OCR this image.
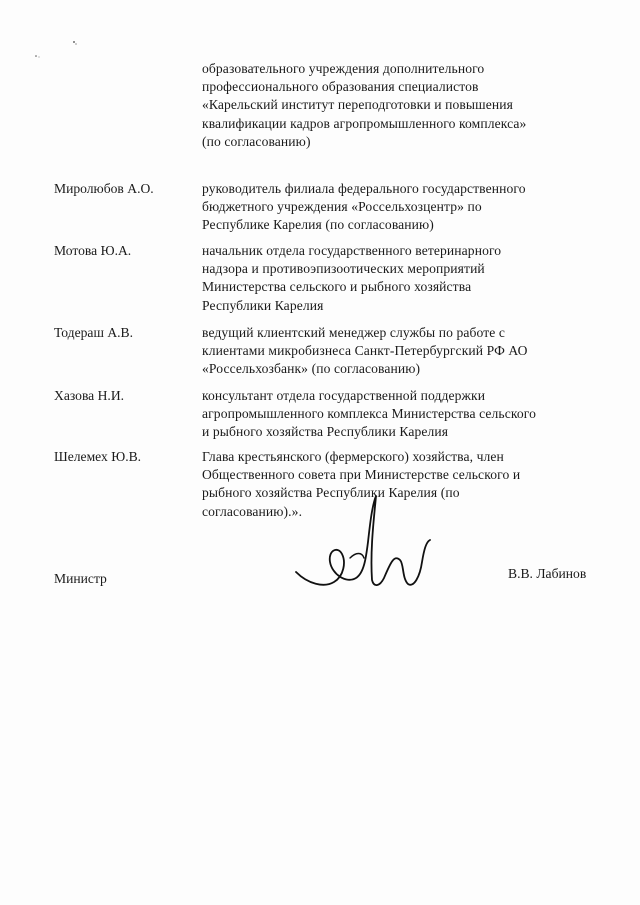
образовательного учреждения дополнительного

профессионального образования специалистов

«Карельский институт переподготовки и повышения

квалификации кадров агропромышленного комплекса»

(по согласованию)

Миролюбов А.О.	руководитель филиала федерального государственного

бюджетного учреждения «Россельхозцентр» по

Республике Карелия (по согласованию)

Мотова Ю.А.	начальник отдела государственного ветеринарного

надзора и противоэпизоотических мероприятий

Министерства сельского и рыбного хозяйства

Республики Карелия

Тодераш А.В.	ведущий клиентский менеджер службы по работе с

клиентами микробизнеса Санкт-Петербургский РФ АО

«Россельхозбанк» (по согласованию)

Хазова Н.И.	консультант отдела государственной поддержки

агропромышленного комплекса Министерства сельского

и рыбного хозяйства Республики Карелия

Шелемех Ю.В.	Глава крестьянского (фермерского) хозяйства, член

Общественного совета при Министерстве сельского и

рыбного хозяйства Республики Карелия (по

согласованию).».

Министр	В.В. Лабинов
